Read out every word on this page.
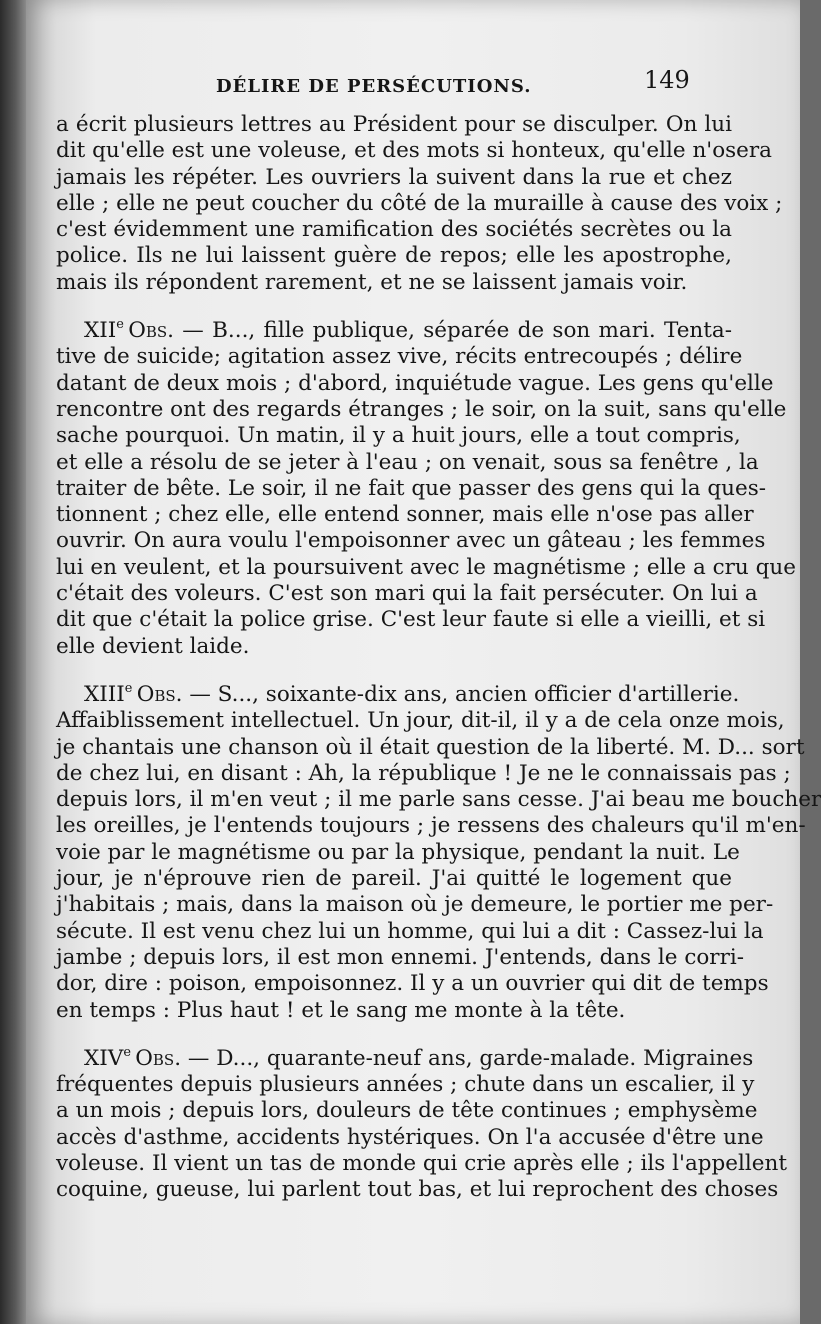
DÉLIRE DE PERSÉCUTIONS.	149
a écrit plusieurs lettres au Président pour se disculper. On lui
dit qu'elle est une voleuse, et des mots si honteux, qu'elle n'osera
jamais les répéter. Les ouvriers la suivent dans la rue et chez
elle ; elle ne peut coucher du côté de la muraille à cause des voix ;
c'est évidemment une ramification des sociétés secrètes ou la
police. Ils ne lui laissent guère de repos; elle les apostrophe,
mais ils répondent rarement, et ne se laissent jamais voir.
XIIe  Obs. — B..., fille publique, séparée de son mari. Tenta-
tive de suicide; agitation assez vive, récits entrecoupés ; délire
datant de deux mois ; d'abord, inquiétude vague. Les gens qu'elle
rencontre ont des regards étranges ; le soir, on la suit, sans qu'elle
sache pourquoi. Un matin, il y a huit jours, elle a tout compris,
et elle a résolu de se jeter à l'eau ; on venait, sous sa fenêtre , la
traiter de bête. Le soir, il ne fait que passer des gens qui la ques-
tionnent ; chez elle, elle entend sonner, mais elle n'ose pas aller
ouvrir. On aura voulu l'empoisonner avec un gâteau ; les femmes
lui en veulent, et la poursuivent avec le magnétisme ; elle a cru que
c'était des voleurs. C'est son mari qui la fait persécuter. On lui a
dit que c'était la police grise. C'est leur faute si elle a vieilli, et si
elle devient laide.
XIIIe  Obs. — S..., soixante-dix ans, ancien officier d'artillerie.
Affaiblissement intellectuel. Un jour, dit-il, il y a de cela onze mois,
je chantais une chanson où il était question de la liberté. M. D... sort
de chez lui, en disant : Ah, la république ! Je ne le connaissais pas ;
depuis lors, il m'en veut ; il me parle sans cesse. J'ai beau me boucher
les oreilles, je l'entends toujours ; je ressens des chaleurs qu'il m'en-
voie par le magnétisme ou par la physique, pendant la nuit. Le
jour, je n'éprouve rien de pareil. J'ai quitté le logement que
j'habitais ; mais, dans la maison où je demeure, le portier me per-
sécute. Il est venu chez lui un homme, qui lui a dit : Cassez-lui la
jambe ; depuis lors, il est mon ennemi. J'entends, dans le corri-
dor, dire : poison, empoisonnez. Il y a un ouvrier qui dit de temps
en temps : Plus haut ! et le sang me monte à la tête.
XIVe  Obs. — D..., quarante-neuf ans, garde-malade. Migraines
fréquentes depuis plusieurs années ; chute dans un escalier, il y
a un mois ; depuis lors, douleurs de tête continues ; emphysème
accès d'asthme, accidents hystériques. On l'a accusée d'être une
voleuse. Il vient un tas de monde qui crie après elle ; ils l'appellent
coquine, gueuse, lui parlent tout bas, et lui reprochent des choses
